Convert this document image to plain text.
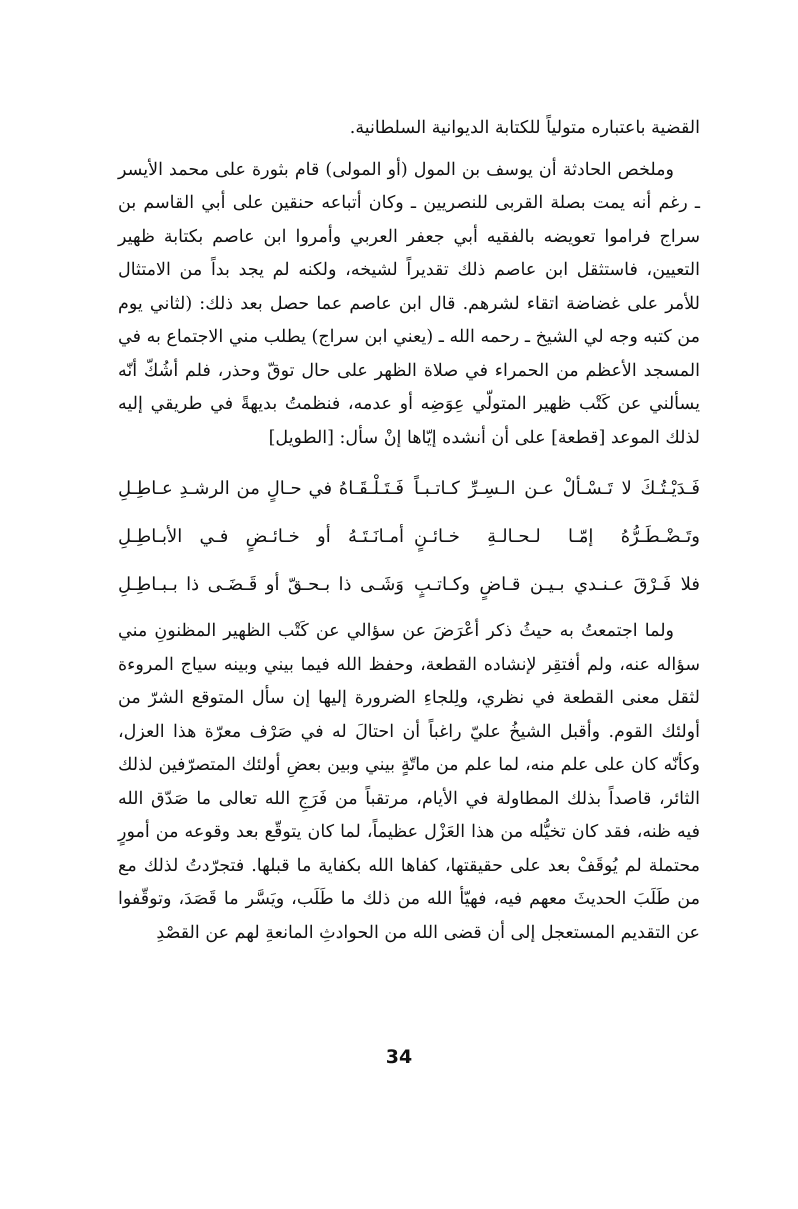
القضية باعتباره متولياً للكتابة الديوانية السلطانية.

وملخص الحادثة أن يوسف بن المول (أو المولى) قام بثورة على محمد الأيسر ـ رغم أنه يمت بصلة القربى للنصريين ـ وكان أتباعه حنقين على أبي القاسم بن سراج فراموا تعويضه بالفقيه أبي جعفر العربي وأمروا ابن عاصم بكتابة ظهير التعيين، فاستثقل ابن عاصم ذلك تقديراً لشيخه، ولكنه لم يجد بداً من الامتثال للأمر على غضاضة اتقاء لشرهم. قال ابن عاصم عما حصل بعد ذلك: (لثاني يوم من كتبه وجه لي الشيخ ـ رحمه الله ـ (يعني ابن سراج) يطلب مني الاجتماع به في المسجد الأعظم من الحمراء في صلاة الظهر على حال توقّ وحذر، فلم أشُكّ أنّه يسألني عن كَتْب ظهير المتولّي عِوَضِه أو عدمه، فنظمتُ بديهةً في طريقي إليه لذلك الموعد [قطعة] على أن أنشده إيّاها إنْ سأل: [الطويل]

فَـدَيْـتُـكَ لا تَـسْـألْ عـن الـسِـرِّ كـاتـبـاً
فَـتَـلْـقَـاهُ في حـالٍ من الرشـدِ عـاطِـلِ
وتَـضْـطَـرُّهُ إمّـا لـحـالـةِ خـائـنٍ
أمـانَـتَـهُ أو خـائـضٍ فـي الأبـاطِـلِ
فلا فَـرْقَ عـنـدي بـيـن قـاضٍ وكـاتـبٍ
وَشَـى ذا بـحـقّ أو قَـضَـى ذا بـبـاطِـلِ

ولما اجتمعتُ به حيثُ ذكر أعْرَضَ عن سؤالي عن كَتْب الظهير المظنونِ مني سؤاله عنه، ولم أفتقِر لإنشاده القطعة، وحفظ الله فيما بيني وبينه سياج المروءة لثقل معنى القطعة في نظري، ولِلجاءِ الضرورة إليها إن سأل المتوقع الشرّ من أولئك القوم. وأقبل الشيخُ عليّ راغباً أن احتالَ له في صَرْف معرّة هذا العزل، وكأنّه كان على علم منه، لما علم من ماتّةٍ بيني وبين بعضِ أولئك المتصرّفين لذلك الثائر، قاصداً بذلك المطاولة في الأيام، مرتقباً من فَرَجِ الله تعالى ما صَدّق الله فيه ظنه، فقد كان تخيُّله من هذا العَزْل عظيماً، لما كان يتوقّع بعد وقوعه من أمورٍ محتملة لم يُوقَفْ بعد على حقيقتها، كفاها الله بكفاية ما قبلها. فتجرّدتُ لذلك مع من طَلَبَ الحديثَ معهم فيه، فهيّأ الله من ذلك ما طَلَب، ويَسَّر ما قَصَدَ، وتوقّفوا عن التقديم المستعجل إلى أن قضى الله من الحوادثِ المانعةِ لهم عن القصْدِ

34
